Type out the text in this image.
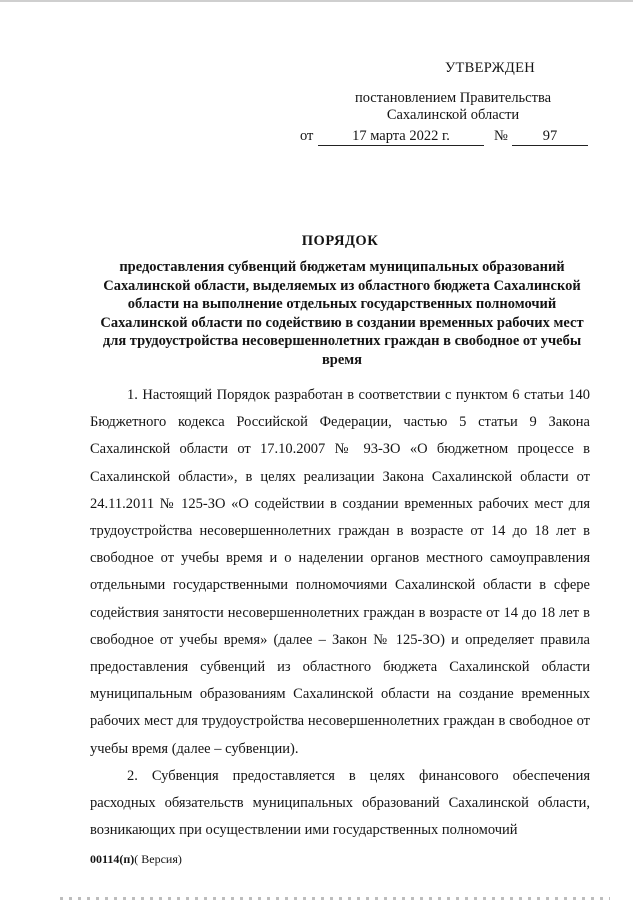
УТВЕРЖДЕН
постановлением Правительства
Сахалинской области
от	17 марта 2022 г.	№	97
ПОРЯДОК
предоставления субвенций бюджетам муниципальных образований Сахалинской области, выделяемых из областного бюджета Сахалинской области на выполнение отдельных государственных полномочий Сахалинской области по содействию в создании временных рабочих мест для трудоустройства несовершеннолетних граждан в свободное от учебы время

1. Настоящий Порядок разработан в соответствии с пунктом 6 статьи 140 Бюджетного кодекса Российской Федерации, частью 5 статьи 9 Закона Сахалинской области от 17.10.2007 № 93-ЗО «О бюджетном процессе в Сахалинской области», в целях реализации Закона Сахалинской области от 24.11.2011 № 125-ЗО «О содействии в создании временных рабочих мест для трудоустройства несовершеннолетних граждан в возрасте от 14 до 18 лет в свободное от учебы время и о наделении органов местного самоуправления отдельными государственными полномочиями Сахалинской области в сфере содействия занятости несовершеннолетних граждан в возрасте от 14 до 18 лет в свободное от учебы время» (далее – Закон № 125-ЗО) и определяет правила предоставления субвенций из областного бюджета Сахалинской области муниципальным образованиям Сахалинской области на создание временных рабочих мест для трудоустройства несовершеннолетних граждан в свободное от учебы время (далее – субвенции).

2. Субвенция предоставляется в целях финансового обеспечения расходных обязательств муниципальных образований Сахалинской области, возникающих при осуществлении ими государственных полномочий

00114(п)( Версия)
